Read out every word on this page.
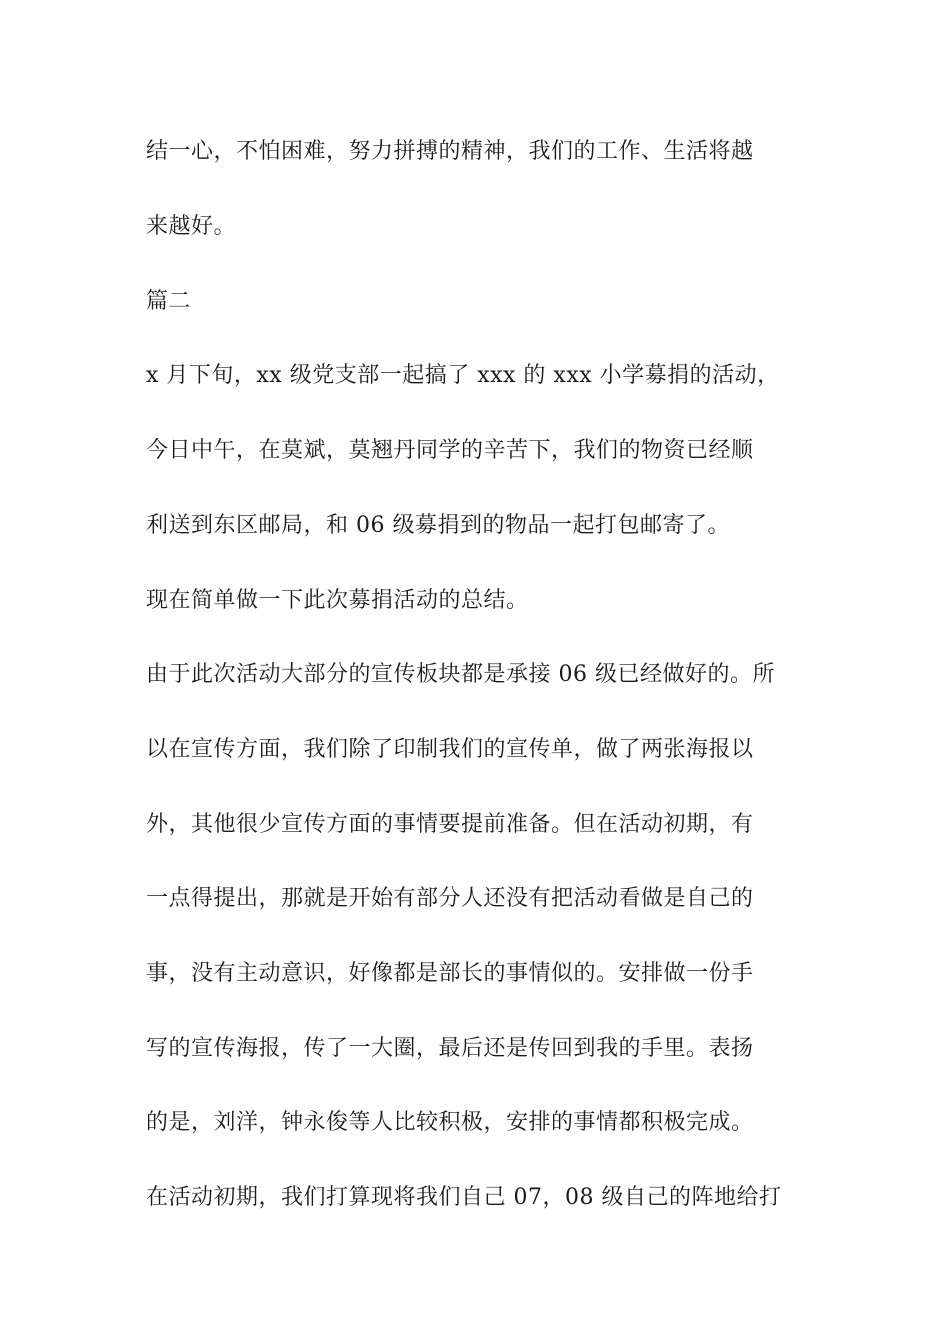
结一心，不怕困难，努力拼搏的精神，我们的工作、生活将越
来越好。
篇二
x 月下旬，xx 级党支部一起搞了 xxx 的 xxx 小学募捐的活动，
今日中午，在莫斌，莫翘丹同学的辛苦下，我们的物资已经顺
利送到东区邮局，和 06 级募捐到的物品一起打包邮寄了。
现在简单做一下此次募捐活动的总结。
由于此次活动大部分的宣传板块都是承接 06 级已经做好的。所
以在宣传方面，我们除了印制我们的宣传单，做了两张海报以
外，其他很少宣传方面的事情要提前准备。但在活动初期，有
一点得提出，那就是开始有部分人还没有把活动看做是自己的
事，没有主动意识，好像都是部长的事情似的。安排做一份手
写的宣传海报，传了一大圈，最后还是传回到我的手里。表扬
的是，刘洋，钟永俊等人比较积极，安排的事情都积极完成。
在活动初期，我们打算现将我们自己 07，08 级自己的阵地给打
